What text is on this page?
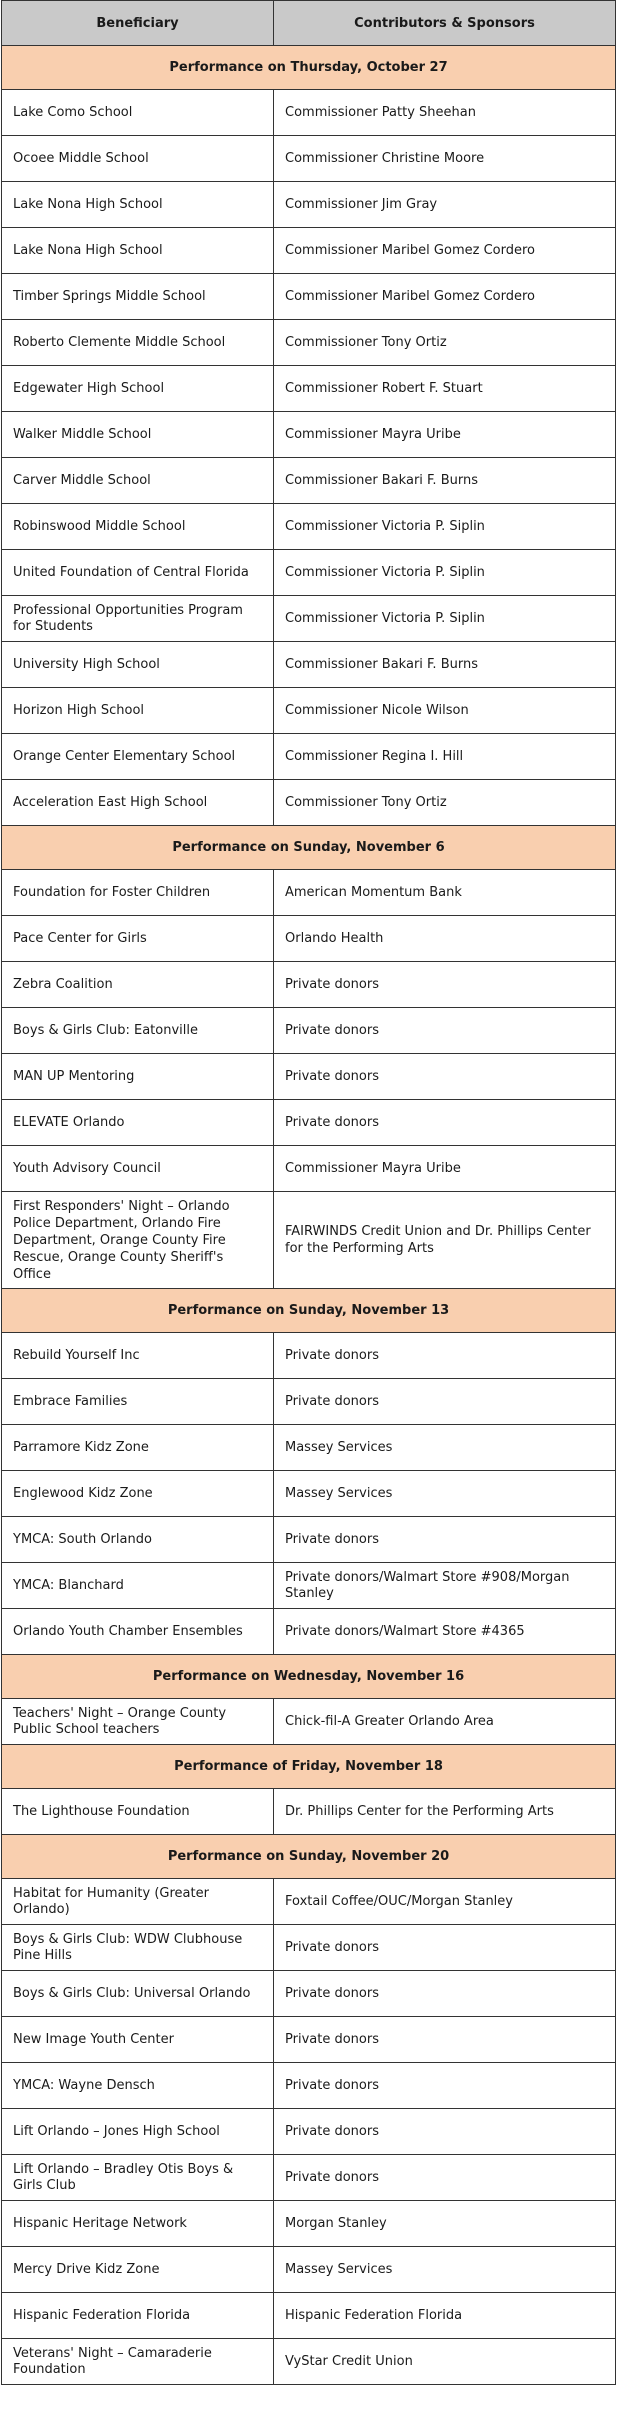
Beneficiary	Contributors & Sponsors
Performance on Thursday, October 27	
Lake Como School	Commissioner Patty Sheehan
Ocoee Middle School	Commissioner Christine Moore
Lake Nona High School	Commissioner Jim Gray
Lake Nona High School	Commissioner Maribel Gomez Cordero
Timber Springs Middle School	Commissioner Maribel Gomez Cordero
Roberto Clemente Middle School	Commissioner Tony Ortiz
Edgewater High School	Commissioner Robert F. Stuart
Walker Middle School	Commissioner Mayra Uribe
Carver Middle School	Commissioner Bakari F. Burns
Robinswood Middle School	Commissioner Victoria P. Siplin
United Foundation of Central Florida	Commissioner Victoria P. Siplin
Professional Opportunities Program for Students	Commissioner Victoria P. Siplin
University High School	Commissioner Bakari F. Burns
Horizon High School	Commissioner Nicole Wilson
Orange Center Elementary School	Commissioner Regina I. Hill
Acceleration East High School	Commissioner Tony Ortiz
Performance on Sunday, November 6	
Foundation for Foster Children	American Momentum Bank
Pace Center for Girls	Orlando Health
Zebra Coalition	Private donors
Boys & Girls Club: Eatonville	Private donors
MAN UP Mentoring	Private donors
ELEVATE Orlando	Private donors
Youth Advisory Council	Commissioner Mayra Uribe
First Responders' Night – Orlando Police Department, Orlando Fire Department, Orange County Fire Rescue, Orange County Sheriff's Office	FAIRWINDS Credit Union and Dr. Phillips Center for the Performing Arts
Performance on Sunday, November 13	
Rebuild Yourself Inc	Private donors
Embrace Families	Private donors
Parramore Kidz Zone	Massey Services
Englewood Kidz Zone	Massey Services
YMCA: South Orlando	Private donors
YMCA: Blanchard	Private donors/Walmart Store #908/Morgan Stanley
Orlando Youth Chamber Ensembles	Private donors/Walmart Store #4365
Performance on Wednesday, November 16	
Teachers' Night – Orange County Public School teachers	Chick-fil-A Greater Orlando Area
Performance of Friday, November 18	
The Lighthouse Foundation	Dr. Phillips Center for the Performing Arts
Performance on Sunday, November 20	
Habitat for Humanity (Greater Orlando)	Foxtail Coffee/OUC/Morgan Stanley
Boys & Girls Club: WDW Clubhouse Pine Hills	Private donors
Boys & Girls Club: Universal Orlando	Private donors
New Image Youth Center	Private donors
YMCA: Wayne Densch	Private donors
Lift Orlando – Jones High School	Private donors
Lift Orlando – Bradley Otis Boys & Girls Club	Private donors
Hispanic Heritage Network	Morgan Stanley
Mercy Drive Kidz Zone	Massey Services
Hispanic Federation Florida	Hispanic Federation Florida
Veterans' Night – Camaraderie Foundation	VyStar Credit Union
